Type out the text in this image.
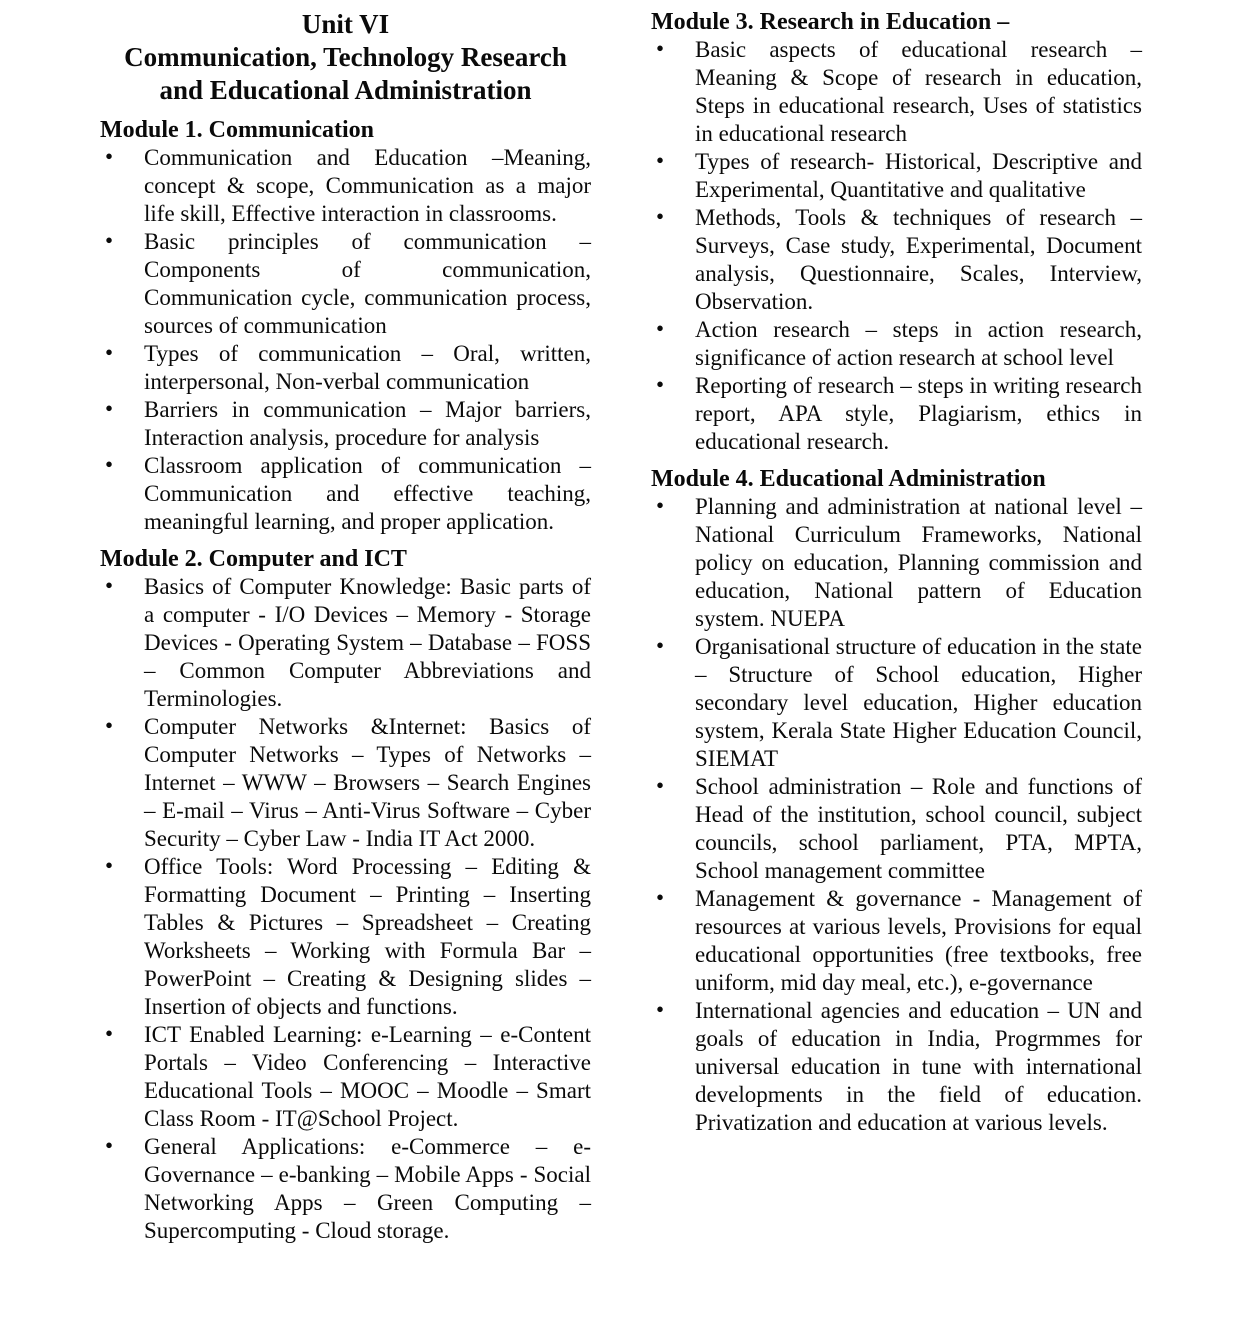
Unit VI
Communication, Technology Research
and Educational Administration
Module 1. Communication
• Communication and Education –Meaning, concept & scope, Communication as a major life skill, Effective interaction in classrooms.
• Basic principles of communication – Components of communication, Communication cycle, communication process, sources of communication
• Types of communication – Oral, written, interpersonal, Non-verbal communication
• Barriers in communication – Major barriers, Interaction analysis, procedure for analysis
• Classroom application of communication – Communication and effective teaching, meaningful learning, and proper application.
Module 2. Computer and ICT
• Basics of Computer Knowledge: Basic parts of a computer - I/O Devices – Memory - Storage Devices - Operating System – Database – FOSS – Common Computer Abbreviations and Terminologies.
• Computer Networks &Internet: Basics of Computer Networks – Types of Networks – Internet – WWW – Browsers – Search Engines – E-mail – Virus – Anti-Virus Software – Cyber Security – Cyber Law - India IT Act 2000.
• Office Tools: Word Processing – Editing & Formatting Document – Printing – Inserting Tables & Pictures – Spreadsheet – Creating Worksheets – Working with Formula Bar – PowerPoint – Creating & Designing slides – Insertion of objects and functions.
• ICT Enabled Learning: e-Learning – e-Content Portals – Video Conferencing – Interactive Educational Tools – MOOC – Moodle – Smart Class Room - IT@School Project.
• General Applications: e-Commerce – e-Governance – e-banking – Mobile Apps - Social Networking Apps – Green Computing – Supercomputing - Cloud storage.
Module 3. Research in Education –
• Basic aspects of educational research – Meaning & Scope of research in education, Steps in educational research, Uses of statistics in educational research
• Types of research- Historical, Descriptive and Experimental, Quantitative and qualitative
• Methods, Tools & techniques of research – Surveys, Case study, Experimental, Document analysis, Questionnaire, Scales, Interview, Observation.
• Action research – steps in action research, significance of action research at school level
• Reporting of research – steps in writing research report, APA style, Plagiarism, ethics in educational research.
Module 4. Educational Administration
• Planning and administration at national level – National Curriculum Frameworks, National policy on education, Planning commission and education, National pattern of Education system. NUEPA
• Organisational structure of education in the state – Structure of School education, Higher secondary level education, Higher education system, Kerala State Higher Education Council, SIEMAT
• School administration – Role and functions of Head of the institution, school council, subject councils, school parliament, PTA, MPTA, School management committee
• Management & governance - Management of resources at various levels, Provisions for equal educational opportunities (free textbooks, free uniform, mid day meal, etc.), e-governance
• International agencies and education – UN and goals of education in India, Progrmmes for universal education in tune with international developments in the field of education. Privatization and education at various levels.
